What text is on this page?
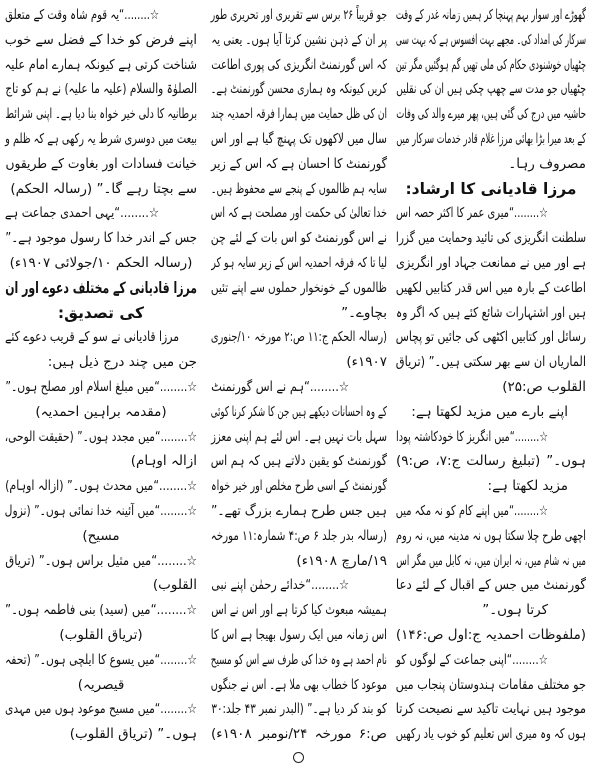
گھوڑے اور سوار بہم پہنچا کر ہمیں زمانہ غدر کے وقت
سرکار کی امداد کی۔ مجھے بہت افسوس ہے کہ بہت سی
چٹھیاں خوشنودی حکام کی ملی تھیں گم ہوگئیں مگر تین
چٹھیاں جو مدت سے چھپ چکی ہیں ان کی نقلیں
حاشیہ میں درج کی گئی ہیں، پھر میرے والد کی وفات
کے بعد میرا بڑا بھائی مرزا غلام قادر خدمات سرکار میں
مصروف رہا۔
مرزا قادیانی کا ارشاد:
☆........“میری عمر کا اکثر حصہ اس
سلطنت انگریزی کی تائید وحمایت میں گزرا
ہے اور میں نے ممانعت جہاد اور انگریزی
اطاعت کے بارہ میں اس قدر کتابیں لکھیں
ہیں اور اشتہارات شائع کئے ہیں کہ اگر وہ
رسائل اور کتابیں اکٹھی کی جائیں تو پچاس
الماریاں ان سے بھر سکتی ہیں۔” (تریاق
القلوب ص:۲۵)
اپنے بارے میں مزید لکھتا ہے:
☆........“میں انگریز کا خودکاشتہ پودا
ہوں۔” (تبلیغ رسالت ج:۷، ص:۹)
مزید لکھتا ہے:
☆........“میں اپنے کام کو نہ مکہ میں
اچھی طرح چلا سکتا ہوں نہ مدینہ میں، نہ روم
میں نہ شام میں، نہ ایران میں، نہ کابل میں مگر اس
گورنمنٹ میں جس کے اقبال کے لئے دعا
کرتا ہوں۔”
(ملفوظات احمدیہ ج:اول ص:۱۴۶)
☆........“اپنی جماعت کے لوگوں کو
جو مختلف مقامات ہندوستان پنجاب میں
موجود ہیں نہایت تاکید سے نصیحت کرتا
ہوں کہ وہ میری اس تعلیم کو خوب یاد رکھیں
جو قریباً ۲۶ برس سے تقریری اور تحریری طور
پر ان کے ذہن نشین کرتا آیا ہوں۔ یعنی یہ
کہ اس گورنمنٹ انگریزی کی پوری اطاعت
کریں کیونکہ وہ ہماری محسن گورنمنٹ ہے۔
ان کی ظل حمایت میں ہمارا فرقہ احمدیہ چند
سال میں لاکھوں تک پہنچ گیا ہے اور اس
گورنمنٹ کا احسان ہے کہ اس کے زیر
سایہ ہم ظالموں کے پنجے سے محفوظ ہیں۔
خدا تعالیٰ کی حکمت اور مصلحت ہے کہ اس
نے اس گورنمنٹ کو اس بات کے لئے چن
لیا تا کہ فرقہ احمدیہ اس کے زیر سایہ ہو کر
ظالموں کے خونخوار حملوں سے اپنے تئیں
بچاوے۔”
(رسالہ الحکم ج:۱۱ ص:۲ مورخہ ۱۰/جنوری
۱۹۰۷ء)
☆........“ہم نے اس گورنمنٹ
کے وہ احسانات دیکھے ہیں جن کا شکر کرنا کوئی
سہل بات نہیں ہے۔ اس لئے ہم اپنی معزز
گورنمنٹ کو یقین دلاتے ہیں کہ ہم اس
گورنمنٹ کے اسی طرح مخلص اور خیر خواہ
ہیں جس طرح ہمارے بزرگ تھے۔”
(رسالہ بدر جلد ۶ ص:۴ شمارہ:۱۱ مورخہ
۱۹/مارچ ۱۹۰۸ء)
☆........“خدائے رحمٰن اپنے نبی
ہمیشہ مبعوث کیا کرتا ہے اور اس نے اس
اس زمانہ میں ایک رسول بھیجا ہے اس کا
نام احمد ہے وہ خدا کی طرف سے اس کو مسیح
موعود کا خطاب بھی ملا ہے۔ اس نے جنگوں
کو بند کر دیا ہے۔” (البدر نمبر ۴۳ جلد:۳۰
ص:۶ مورخہ ۲۴/نومبر ۱۹۰۸ء)
☆........“یہ قوم شاہ وقت کے متعلق
اپنے فرض کو خدا کے فضل سے خوب
شناخت کرتی ہے کیونکہ ہمارے امام علیہ
الصلوٰۃ والسلام (علیہ ما علیہ) نے ہم کو تاج
برطانیہ کا دلی خیر خواہ بنا دیا ہے۔ اپنی شرائط
بیعت میں دوسری شرط یہ رکھی ہے کہ ظلم و
خیانت فسادات اور بغاوت کے طریقوں
سے بچتا رہے گا۔” (رسالہ الحکم)
☆........“یہی احمدی جماعت ہے
جس کے اندر خدا کا رسول موجود ہے۔”
(رسالہ الحکم ۱۰/جولائی ۱۹۰۷ء)
مرزا قادیانی کے مختلف دعوے اور ان
کی تصدیق:
مرزا قادیانی نے سو کے قریب دعوے کئے
جن میں چند درج ذیل ہیں:
☆........“میں مبلغ اسلام اور مصلح ہوں۔”
(مقدمہ براہین احمدیہ)
☆........“میں مجدد ہوں۔” (حقیقت الوحی،
ازالہ اوہام)
☆........“میں محدث ہوں۔” (ازالہ اوہام)
☆........“میں آئینہ خدا نمائی ہوں۔” (نزول
مسیح)
☆........“میں مثیل براس ہوں۔” (تریاق
القلوب)
☆........“میں (سید) بنی فاطمہ ہوں۔”
(تریاق القلوب)
☆........“میں یسوع کا ایلچی ہوں۔” (تحفہ
قیصریہ)
☆........“میں مسیح موعود ہوں میں مہدی
ہوں۔” (تریاق القلوب)
